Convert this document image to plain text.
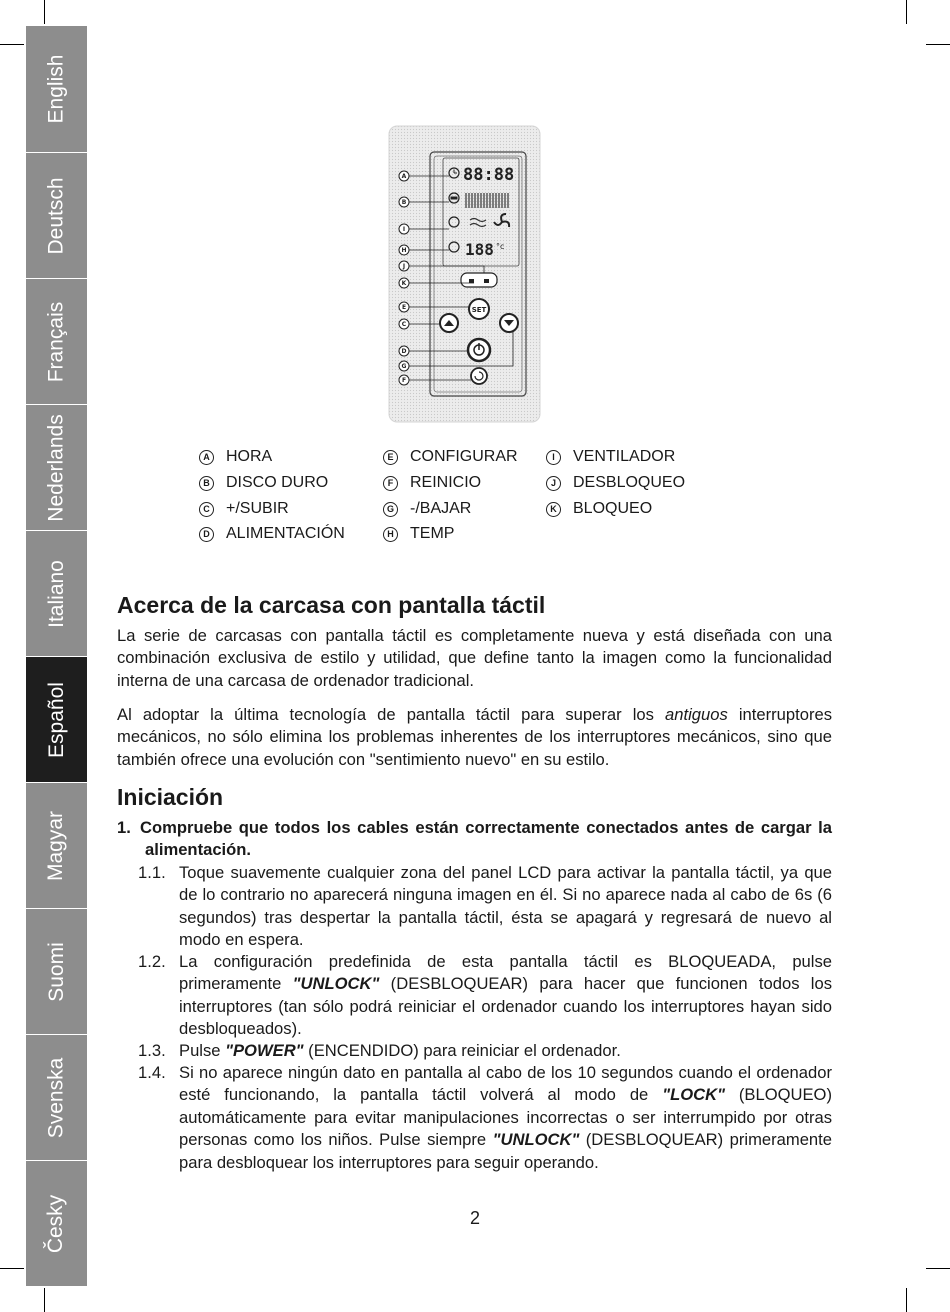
English
Deutsch
Français
Nederlands
Italiano
Español
Magyar
Suomi
Svenska
Česky
88:88
188 °c
SET
A
B
I
H
J
K
E
C
D
G
F
A HORA
B DISCO DURO
C +/SUBIR
D ALIMENTACIÓN
E CONFIGURAR
F REINICIO
G -/BAJAR
H TEMP
I	VENTILADOR
J	DESBLOQUEO
K BLOQUEO
Acerca de la carcasa con pantalla táctil

La serie de carcasas con pantalla táctil es completamente nueva y está diseñada con una combinación exclusiva de estilo y utilidad, que define tanto la imagen como la funcionalidad interna de una carcasa de ordenador tradicional.

Al adoptar la última tecnología de pantalla táctil para superar los antiguos interruptores mecánicos, no sólo elimina los problemas inherentes de los interruptores mecánicos, sino que también ofrece una evolución con "sentimiento nuevo" en su estilo.

Iniciación
1. Compruebe que todos los cables están correctamente conectados antes de cargar la alimentación.

1.1. Toque suavemente cualquier zona del panel LCD para activar la pantalla táctil, ya que de lo contrario no aparecerá ninguna imagen en él. Si no aparece nada al cabo de 6s (6 segundos) tras despertar la pantalla táctil, ésta se apagará y regresará de nuevo al modo en espera.

1.2. La configuración predefinida de esta pantalla táctil es BLOQUEADA, pulse primeramente "UNLOCK" (DESBLOQUEAR) para hacer que funcionen todos los interruptores (tan sólo podrá reiniciar el ordenador cuando los interruptores hayan sido desbloqueados).

1.3. Pulse "POWER" (ENCENDIDO) para reiniciar el ordenador.

1.4. Si no aparece ningún dato en pantalla al cabo de los 10 segundos cuando el ordenador esté funcionando, la pantalla táctil volverá al modo de "LOCK" (BLOQUEO) automáticamente para evitar manipulaciones incorrectas o ser interrumpido por otras personas como los niños. Pulse siempre "UNLOCK" (DESBLOQUEAR) primeramente para desbloquear los interruptores para seguir operando.

2
